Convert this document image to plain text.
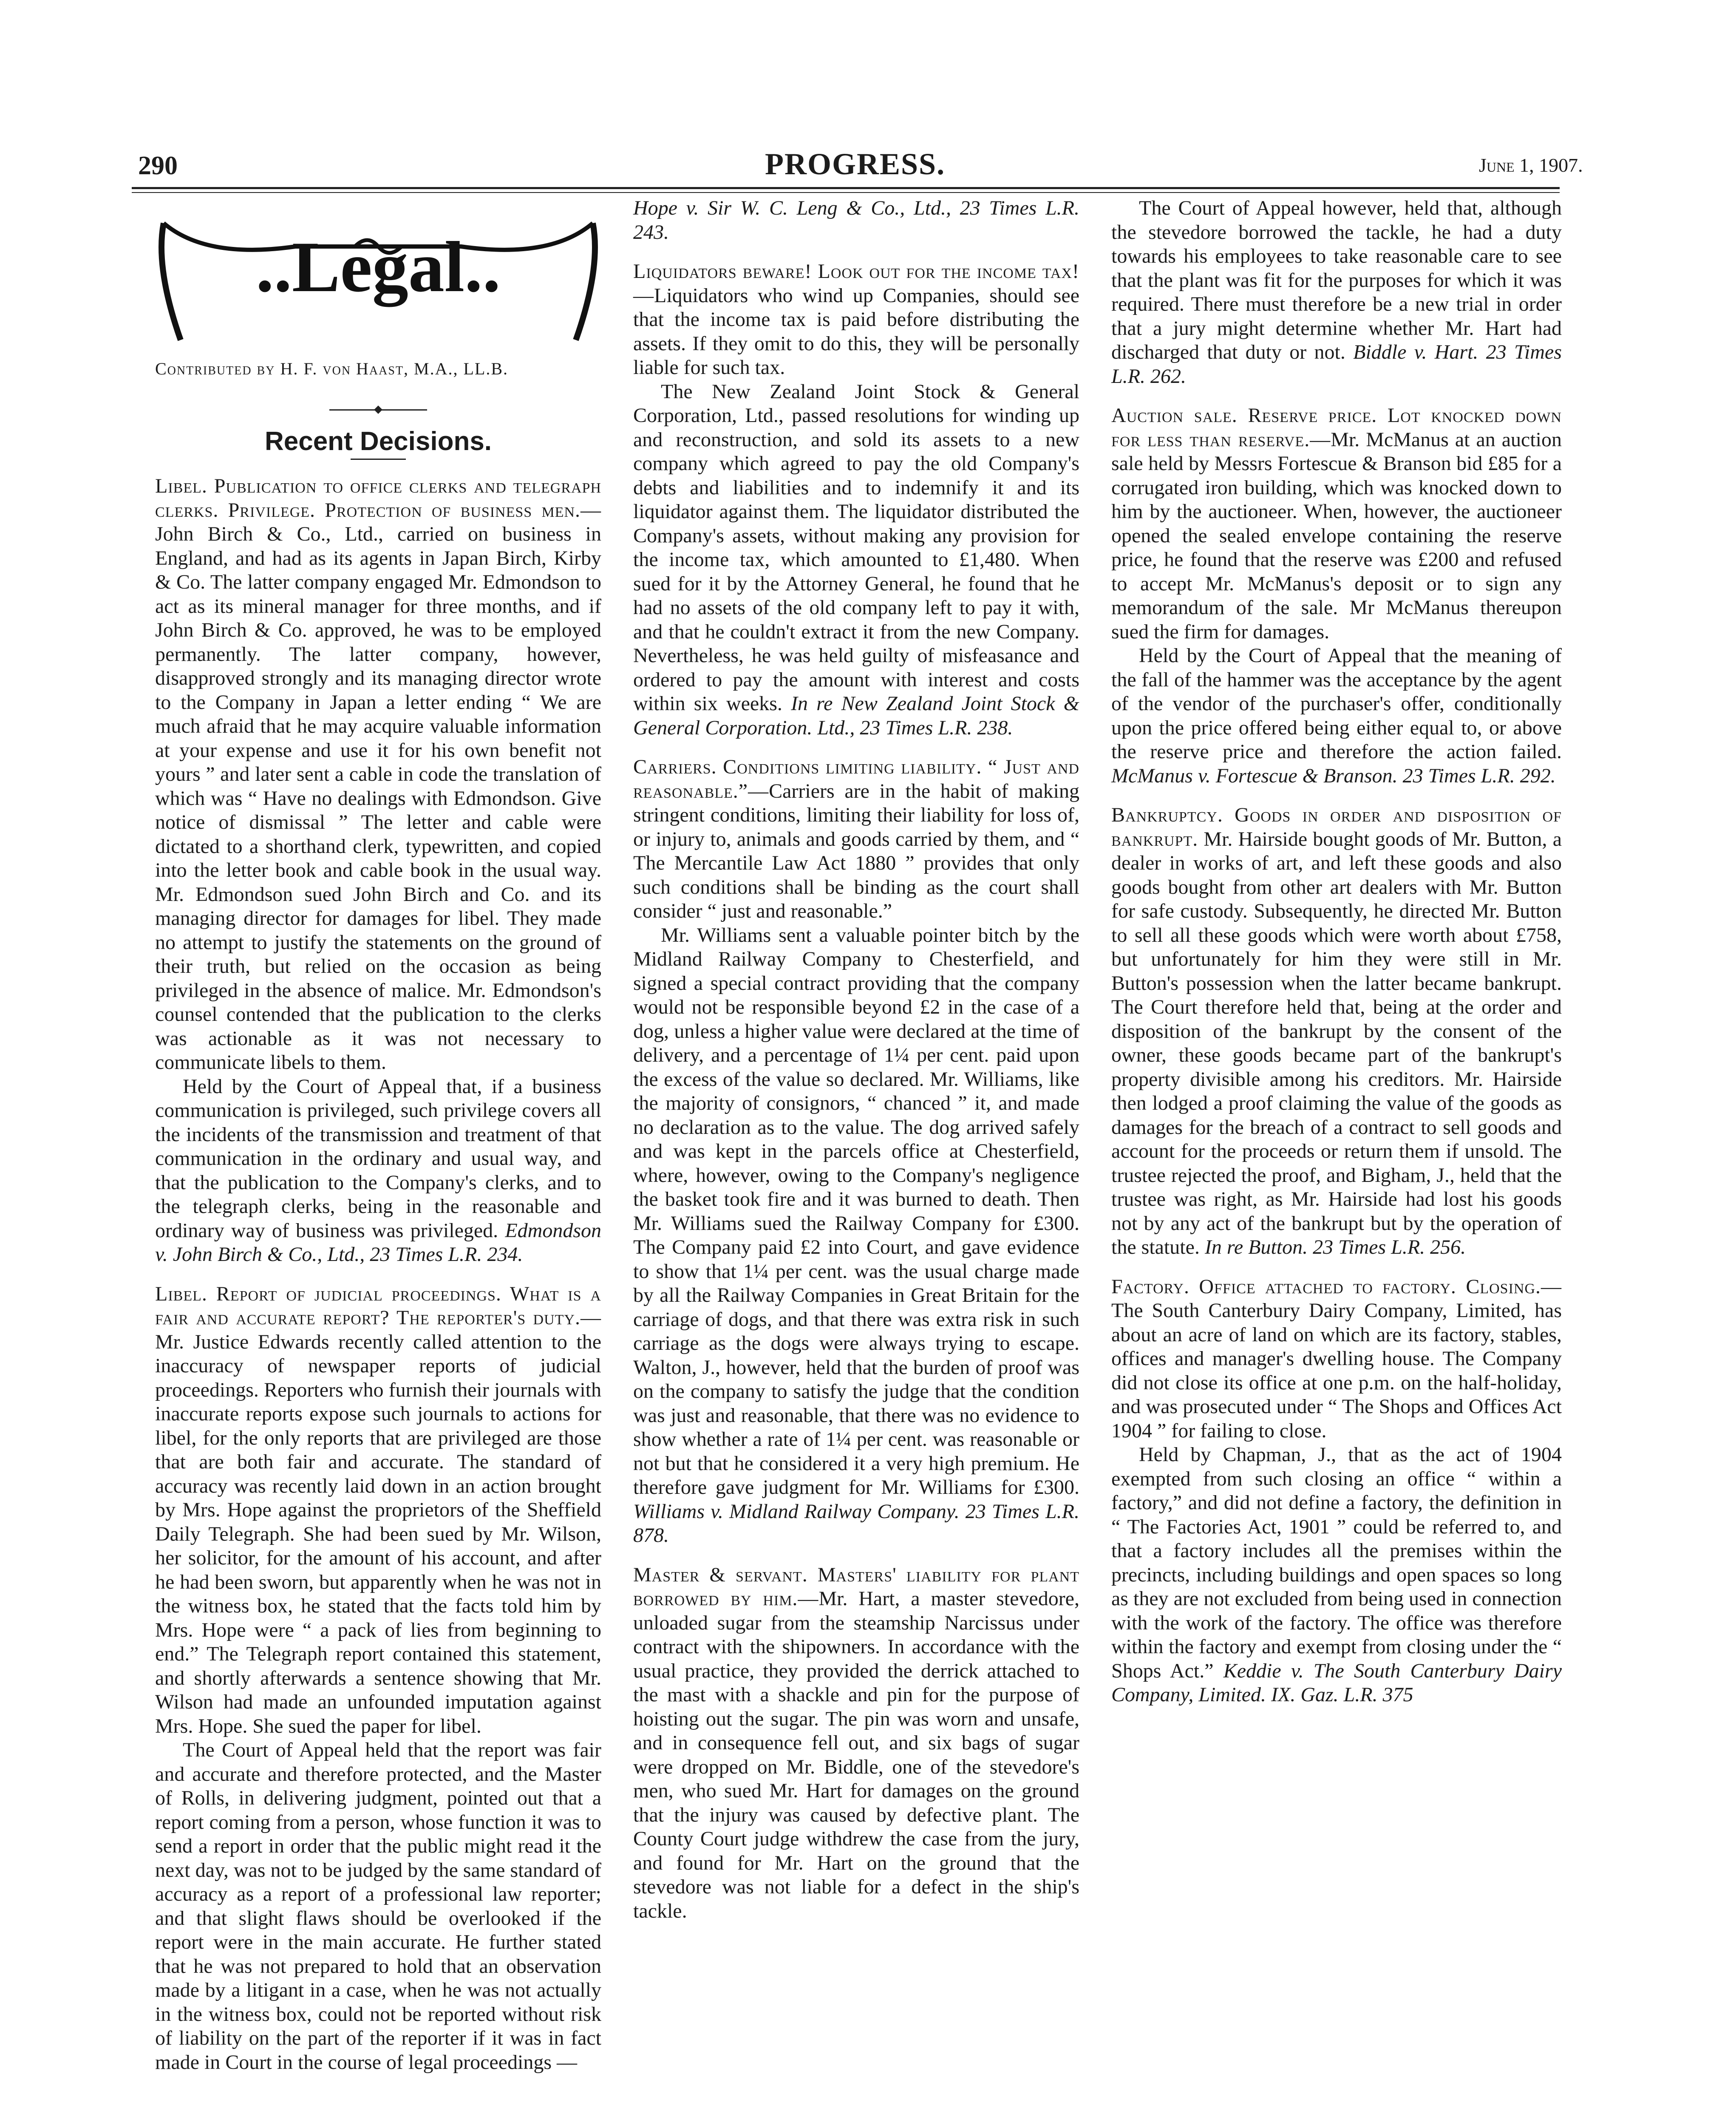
290	PROGRESS.	June 1, 1907.
..Legal..
Contributed by H. F. von Haast, M.A., LL.B.
Recent Decisions.

Libel. Publication to office clerks and telegraph clerks. Privilege. Protection of business men.—John Birch & Co., Ltd., carried on business in England, and had as its agents in Japan Birch, Kirby & Co. The latter company engaged Mr. Edmondson to act as its mineral manager for three months, and if John Birch & Co. approved, he was to be employed permanently. The latter company, however, disapproved strongly and its managing director wrote to the Company in Japan a letter ending “ We are much afraid that he may acquire valuable information at your expense and use it for his own benefit not yours ” and later sent a cable in code the translation of which was “ Have no dealings with Edmondson. Give notice of dismissal ” The letter and cable were dictated to a shorthand clerk, typewritten, and copied into the letter book and cable book in the usual way. Mr. Edmondson sued John Birch and Co. and its managing director for damages for libel. They made no attempt to justify the statements on the ground of their truth, but relied on the occasion as being privileged in the absence of malice. Mr. Edmondson's counsel contended that the publication to the clerks was actionable as it was not necessary to communicate libels to them.

Held by the Court of Appeal that, if a business communication is privileged, such privilege covers all the incidents of the transmission and treatment of that communication in the ordinary and usual way, and that the publication to the Company's clerks, and to the telegraph clerks, being in the reasonable and ordinary way of business was privileged. Edmondson v. John Birch & Co., Ltd., 23 Times L.R. 234.

Libel. Report of judicial proceedings. What is a fair and accurate report? The reporter's duty.—Mr. Justice Edwards recently called attention to the inaccuracy of newspaper reports of judicial proceedings. Reporters who furnish their journals with inaccurate reports expose such journals to actions for libel, for the only reports that are privileged are those that are both fair and accurate. The standard of accuracy was recently laid down in an action brought by Mrs. Hope against the proprietors of the Sheffield Daily Telegraph. She had been sued by Mr. Wilson, her solicitor, for the amount of his account, and after he had been sworn, but apparently when he was not in the witness box, he stated that the facts told him by Mrs. Hope were “ a pack of lies from beginning to end.” The Telegraph report contained this statement, and shortly afterwards a sentence showing that Mr. Wilson had made an unfounded imputation against Mrs. Hope. She sued the paper for libel.

The Court of Appeal held that the report was fair and accurate and therefore protected, and the Master of Rolls, in delivering judgment, pointed out that a report coming from a person, whose function it was to send a report in order that the public might read it the next day, was not to be judged by the same standard of accuracy as a report of a professional law reporter; and that slight flaws should be overlooked if the report were in the main accurate. He further stated that he was not prepared to hold that an observation made by a litigant in a case, when he was not actually in the witness box, could not be reported without risk of liability on the part of the reporter if it was in fact made in Court in the course of legal proceedings —

Hope v. Sir W. C. Leng & Co., Ltd., 23 Times L.R. 243.

Liquidators beware! Look out for the income tax!—Liquidators who wind up Companies, should see that the income tax is paid before distributing the assets. If they omit to do this, they will be personally liable for such tax.

The New Zealand Joint Stock & General Corporation, Ltd., passed resolutions for winding up and reconstruction, and sold its assets to a new company which agreed to pay the old Company's debts and liabilities and to indemnify it and its liquidator against them. The liquidator distributed the Company's assets, without making any provision for the income tax, which amounted to £1,480. When sued for it by the Attorney General, he found that he had no assets of the old company left to pay it with, and that he couldn't extract it from the new Company. Nevertheless, he was held guilty of misfeasance and ordered to pay the amount with interest and costs within six weeks. In re New Zealand Joint Stock & General Corporation. Ltd., 23 Times L.R. 238.

Carriers. Conditions limiting liability. “ Just and reasonable.”—Carriers are in the habit of making stringent conditions, limiting their liability for loss of, or injury to, animals and goods carried by them, and “ The Mercantile Law Act 1880 ” provides that only such conditions shall be binding as the court shall consider “ just and reasonable.”

Mr. Williams sent a valuable pointer bitch by the Midland Railway Company to Chesterfield, and signed a special contract providing that the company would not be responsible beyond £2 in the case of a dog, unless a higher value were declared at the time of delivery, and a percentage of 1¼ per cent. paid upon the excess of the value so declared. Mr. Williams, like the majority of consignors, “ chanced ” it, and made no declaration as to the value. The dog arrived safely and was kept in the parcels office at Chesterfield, where, however, owing to the Company's negligence the basket took fire and it was burned to death. Then Mr. Williams sued the Railway Company for £300. The Company paid £2 into Court, and gave evidence to show that 1¼ per cent. was the usual charge made by all the Railway Companies in Great Britain for the carriage of dogs, and that there was extra risk in such carriage as the dogs were always trying to escape. Walton, J., however, held that the burden of proof was on the company to satisfy the judge that the condition was just and reasonable, that there was no evidence to show whether a rate of 1¼ per cent. was reasonable or not but that he considered it a very high premium. He therefore gave judgment for Mr. Williams for £300. Williams v. Midland Railway Company. 23 Times L.R. 878.

Master & servant. Masters' liability for plant borrowed by him.—Mr. Hart, a master stevedore, unloaded sugar from the steamship Narcissus under contract with the shipowners. In accordance with the usual practice, they provided the derrick attached to the mast with a shackle and pin for the purpose of hoisting out the sugar. The pin was worn and unsafe, and in consequence fell out, and six bags of sugar were dropped on Mr. Biddle, one of the stevedore's men, who sued Mr. Hart for damages on the ground that the injury was caused by defective plant. The County Court judge withdrew the case from the jury, and found for Mr. Hart on the ground that the stevedore was not liable for a defect in the ship's tackle.

The Court of Appeal however, held that, although the stevedore borrowed the tackle, he had a duty towards his employees to take reasonable care to see that the plant was fit for the purposes for which it was required. There must therefore be a new trial in order that a jury might determine whether Mr. Hart had discharged that duty or not. Biddle v. Hart. 23 Times L.R. 262.

Auction sale. Reserve price. Lot knocked down for less than reserve.—Mr. McManus at an auction sale held by Messrs Fortescue & Branson bid £85 for a corrugated iron building, which was knocked down to him by the auctioneer. When, however, the auctioneer opened the sealed envelope containing the reserve price, he found that the reserve was £200 and refused to accept Mr. McManus's deposit or to sign any memorandum of the sale. Mr McManus thereupon sued the firm for damages.

Held by the Court of Appeal that the meaning of the fall of the hammer was the acceptance by the agent of the vendor of the purchaser's offer, conditionally upon the price offered being either equal to, or above the reserve price and therefore the action failed. McManus v. Fortescue & Branson. 23 Times L.R. 292.

Bankruptcy. Goods in order and disposition of bankrupt. Mr. Hairside bought goods of Mr. Button, a dealer in works of art, and left these goods and also goods bought from other art dealers with Mr. Button for safe custody. Subsequently, he directed Mr. Button to sell all these goods which were worth about £758, but unfortunately for him they were still in Mr. Button's possession when the latter became bankrupt. The Court therefore held that, being at the order and disposition of the bankrupt by the consent of the owner, these goods became part of the bankrupt's property divisible among his creditors. Mr. Hairside then lodged a proof claiming the value of the goods as damages for the breach of a contract to sell goods and account for the proceeds or return them if unsold. The trustee rejected the proof, and Bigham, J., held that the trustee was right, as Mr. Hairside had lost his goods not by any act of the bankrupt but by the operation of the statute. In re Button. 23 Times L.R. 256.

Factory. Office attached to factory. Closing.—The South Canterbury Dairy Company, Limited, has about an acre of land on which are its factory, stables, offices and manager's dwelling house. The Company did not close its office at one p.m. on the half-holiday, and was prosecuted under “ The Shops and Offices Act 1904 ” for failing to close.

Held by Chapman, J., that as the act of 1904 exempted from such closing an office “ within a factory,” and did not define a factory, the definition in “ The Factories Act, 1901 ” could be referred to, and that a factory includes all the premises within the precincts, including buildings and open spaces so long as they are not excluded from being used in connection with the work of the factory. The office was therefore within the factory and exempt from closing under the “ Shops Act.” Keddie v. The South Canterbury Dairy Company, Limited. IX. Gaz. L.R. 375
